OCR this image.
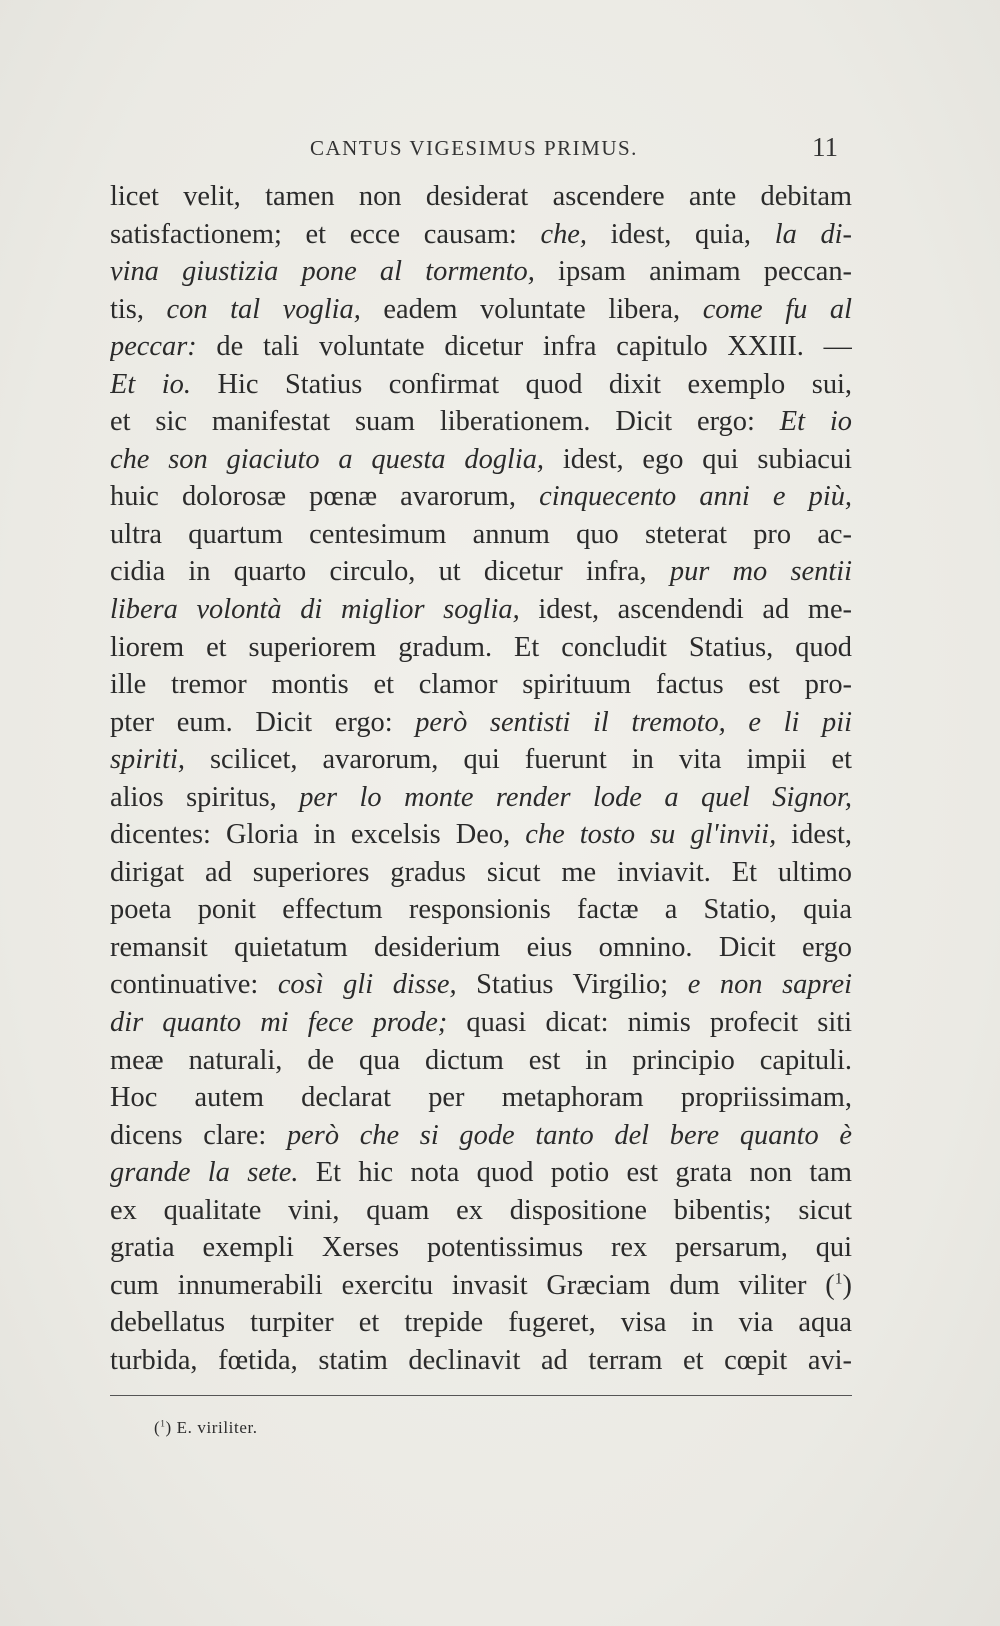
CANTUS VIGESIMUS PRIMUS.	11
licet velit, tamen non desiderat ascendere ante debitam
satisfactionem; et ecce causam: che, idest, quia, la di-
vina giustizia pone al tormento, ipsam animam peccan-
tis, con tal voglia, eadem voluntate libera, come fu al
peccar: de tali voluntate dicetur infra capitulo XXIII. —
Et io. Hic Statius confirmat quod dixit exemplo sui,
et sic manifestat suam liberationem. Dicit ergo: Et io
che son giaciuto a questa doglia, idest, ego qui subiacui
huic dolorosæ pœnæ avarorum, cinquecento anni e più,
ultra quartum centesimum annum quo steterat pro ac-
cidia in quarto circulo, ut dicetur infra, pur mo sentii
libera volontà di miglior soglia, idest, ascendendi ad me-
liorem et superiorem gradum. Et concludit Statius, quod
ille tremor montis et clamor spirituum factus est pro-
pter eum. Dicit ergo: però sentisti il tremoto, e li pii
spiriti, scilicet, avarorum, qui fuerunt in vita impii et
alios spiritus, per lo monte render lode a quel Signor,
dicentes: Gloria in excelsis Deo, che tosto su gl'invii, idest,
dirigat ad superiores gradus sicut me inviavit. Et ultimo
poeta ponit effectum responsionis factæ a Statio, quia
remansit quietatum desiderium eius omnino. Dicit ergo
continuative: così gli disse, Statius Virgilio; e non saprei
dir quanto mi fece prode; quasi dicat: nimis profecit siti
meæ naturali, de qua dictum est in principio capituli.
Hoc autem declarat per metaphoram propriissimam,
dicens clare: però che si gode tanto del bere quanto è
grande la sete. Et hic nota quod potio est grata non tam
ex qualitate vini, quam ex dispositione bibentis; sicut
gratia exempli Xerses potentissimus rex persarum, qui
cum innumerabili exercitu invasit Græciam dum viliter ($^1$)
debellatus turpiter et trepide fugeret, visa in via aqua
turbida, fœtida, statim declinavit ad terram et cœpit avi-
($^1$) E. viriliter.
